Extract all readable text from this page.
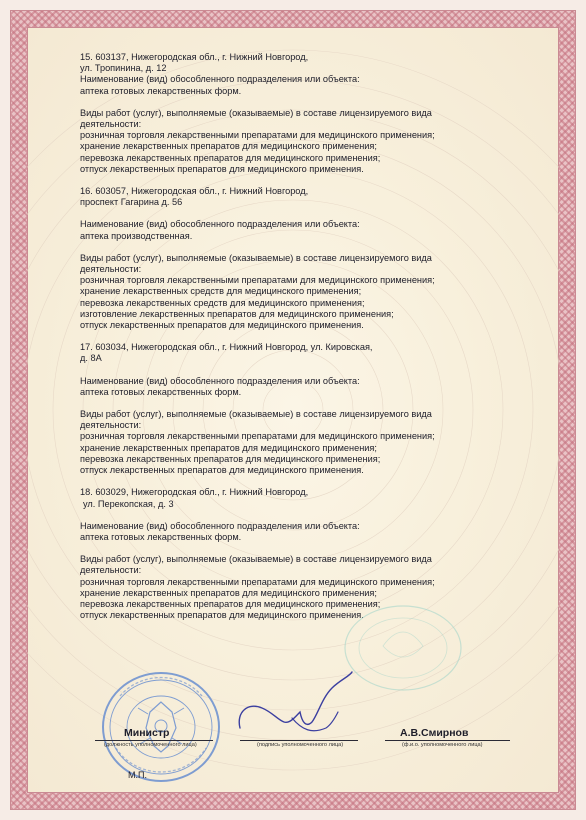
15. 603137, Нижегородская обл., г. Нижний Новгород,

ул. Тропинина, д. 12

Наименование (вид) обособленного подразделения или объекта:

аптека готовых лекарственных форм.

Виды работ (услуг), выполняемые (оказываемые) в составе лицензируемого вида

деятельности:

розничная торговля лекарственными препаратами для медицинского применения;

хранение лекарственных препаратов для медицинского применения;

перевозка лекарственных препаратов для медицинского применения;

отпуск лекарственных препаратов для медицинского применения.

16. 603057, Нижегородская обл., г. Нижний Новгород,

проспект Гагарина д. 56

Наименование (вид) обособленного подразделения или объекта:

аптека производственная.

Виды работ (услуг), выполняемые (оказываемые) в составе лицензируемого вида

деятельности:

розничная торговля лекарственными препаратами для медицинского применения;

хранение лекарственных средств для медицинского применения;

перевозка лекарственных средств для медицинского применения;

изготовление лекарственных препаратов для медицинского применения;

отпуск лекарственных препаратов для медицинского применения.

17. 603034, Нижегородская обл., г. Нижний Новгород, ул. Кировская,

д. 8А

Наименование (вид) обособленного подразделения или объекта:

аптека готовых лекарственных форм.

Виды работ (услуг), выполняемые (оказываемые) в составе лицензируемого вида

деятельности:

розничная торговля лекарственными препаратами для медицинского применения;

хранение лекарственных препаратов для медицинского применения;

перевозка лекарственных препаратов для медицинского применения;

отпуск лекарственных препаратов для медицинского применения.

18. 603029, Нижегородская обл., г. Нижний Новгород,

ул. Перекопская, д. 3

Наименование (вид) обособленного подразделения или объекта:

аптека готовых лекарственных форм.

Виды работ (услуг), выполняемые (оказываемые) в составе лицензируемого вида

деятельности:

розничная торговля лекарственными препаратами для медицинского применения;

хранение лекарственных препаратов для медицинского применения;

перевозка лекарственных препаратов для медицинского применения;

отпуск лекарственных препаратов для медицинского применения.

Министр
(должность уполномоченного лица)	(подпись уполномоченного лица)
А.В.Смирнов
(ф.и.о. уполномоченного лица)
М.П.
